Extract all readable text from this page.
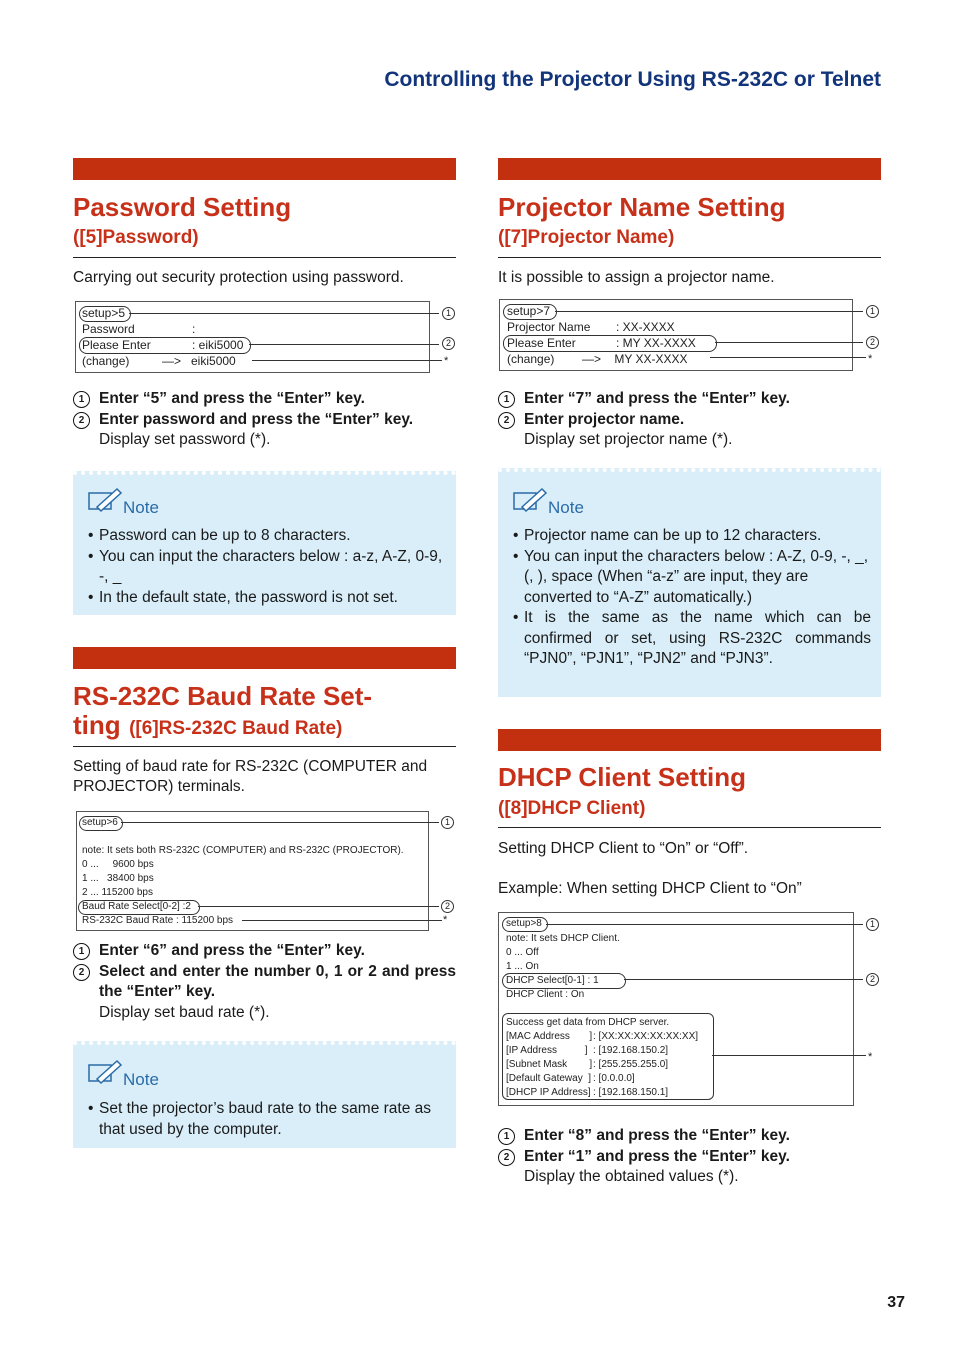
Controlling the Projector Using RS-232C or Telnet
Password Setting
([5]Password)
Carrying out security protection using password.
setup>5
Password	:
Please Enter	: eiki5000
(change)	—>   eiki5000
1
2
*
1 Enter “5” and press the “Enter” key.
2 Enter password and press the “Enter” key.
Display set password (*).
Note
• Password can be up to 8 characters.
• You can input the characters below : a-z, A-Z, 0-9, -, _
• In the default state, the password is not set.
RS-232C Baud Rate Set-
ting ([6]RS-232C Baud Rate)
Setting of baud rate for RS-232C (COMPUTER and PROJECTOR) terminals.
setup>6
note: It sets both RS-232C (COMPUTER) and RS-232C (PROJECTOR).
0 ...     9600 bps
1 ...   38400 bps
2 ... 115200 bps
Baud Rate Select[0-2] :2
RS-232C Baud Rate : 115200 bps
1
2
*
1 Enter “6” and press the “Enter” key.
2 Select and enter the number 0, 1 or 2 and press the “Enter” key.
Display set baud rate (*).
Note
• Set the projector’s baud rate to the same rate as that used by the computer.
Projector Name Setting
([7]Projector Name)
It is possible to assign a projector name.
setup>7
Projector Name : XX-XXXX
Please Enter	: MY XX-XXXX
(change) —>    MY XX-XXXX
1
2
*
1 Enter “7” and press the “Enter” key.
2 Enter projector name.
Display set projector name (*).
Note
• Projector name can be up to 12 characters.
• You can input the characters below : A-Z, 0-9, -, _, (, ), space (When “a-z” are input, they are converted to “A-Z” automatically.)
• It is the same as the name which can be confirmed or set, using RS-232C commands “PJN0”, “PJN1”, “PJN2” and “PJN3”.
DHCP Client Setting
([8]DHCP Client)
Setting DHCP Client to “On” or “Off”.
Example: When setting DHCP Client to “On”
setup>8
note: It sets DHCP Client.
0 ... Off
1 ... On
DHCP Select[0-1] : 1
DHCP Client : On
Success get data from DHCP server.
[MAC Address       ] : [XX:XX:XX:XX:XX:XX]
[IP Address          ] : [192.168.150.2]
[Subnet Mask        ] : [255.255.255.0]
[Default Gateway  ] : [0.0.0.0]
[DHCP IP Address] : [192.168.150.1]
1
2
*
1 Enter “8” and press the “Enter” key.
2 Enter “1” and press the “Enter” key.
Display the obtained values (*).
37
